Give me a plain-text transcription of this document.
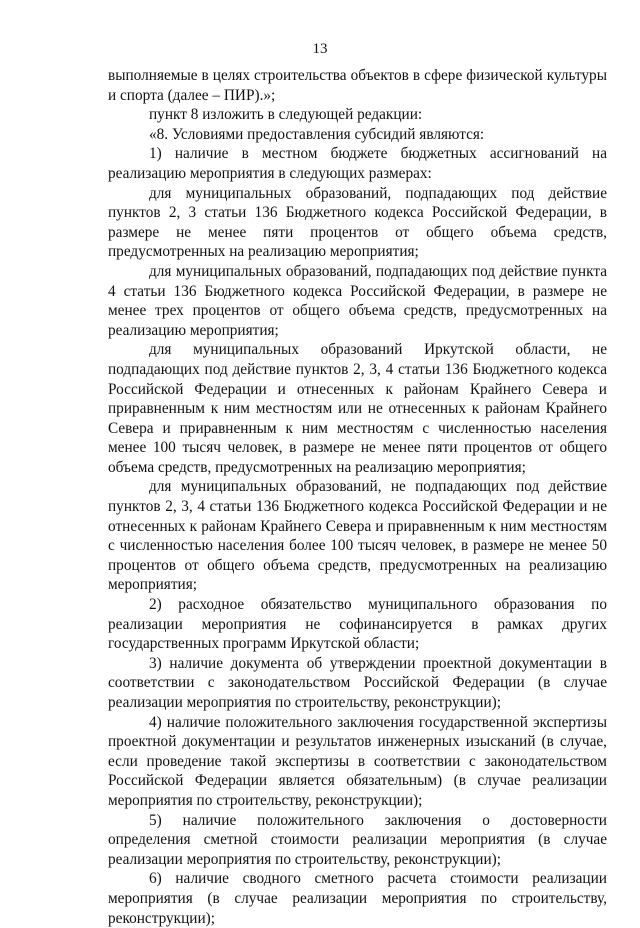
13

выполняемые в целях строительства объектов в сфере физической культуры и спорта (далее – ПИР).»;

пункт 8 изложить в следующей редакции:

«8. Условиями предоставления субсидий являются:

1) наличие в местном бюджете бюджетных ассигнований на реализацию мероприятия в следующих размерах:

для муниципальных образований, подпадающих под действие пунктов 2, 3 статьи 136 Бюджетного кодекса Российской Федерации, в размере не менее пяти процентов от общего объема средств, предусмотренных на реализацию мероприятия;

для муниципальных образований, подпадающих под действие пункта 4 статьи 136 Бюджетного кодекса Российской Федерации, в размере не менее трех процентов от общего объема средств, предусмотренных на реализацию мероприятия;

для муниципальных образований Иркутской области, не подпадающих под действие пунктов 2, 3, 4 статьи 136 Бюджетного кодекса Российской Федерации и отнесенных к районам Крайнего Севера и приравненным к ним местностям или не отнесенных к районам Крайнего Севера и приравненным к ним местностям с численностью населения менее 100 тысяч человек, в размере не менее пяти процентов от общего объема средств, предусмотренных на реализацию мероприятия;

для муниципальных образований, не подпадающих под действие пунктов 2, 3, 4 статьи 136 Бюджетного кодекса Российской Федерации и не отнесенных к районам Крайнего Севера и приравненным к ним местностям с численностью населения более 100 тысяч человек, в размере не менее 50 процентов от общего объема средств, предусмотренных на реализацию мероприятия;

2) расходное обязательство муниципального образования по реализации мероприятия не софинансируется в рамках других государственных программ Иркутской области;

3) наличие документа об утверждении проектной документации в соответствии с законодательством Российской Федерации (в случае реализации мероприятия по строительству, реконструкции);

4) наличие положительного заключения государственной экспертизы проектной документации и результатов инженерных изысканий (в случае, если проведение такой экспертизы в соответствии с законодательством Российской Федерации является обязательным) (в случае реализации мероприятия по строительству, реконструкции);

5) наличие положительного заключения о достоверности определения сметной стоимости реализации мероприятия (в случае реализации мероприятия по строительству, реконструкции);

6) наличие сводного сметного расчета стоимости реализации мероприятия (в случае реализации мероприятия по строительству, реконструкции);
